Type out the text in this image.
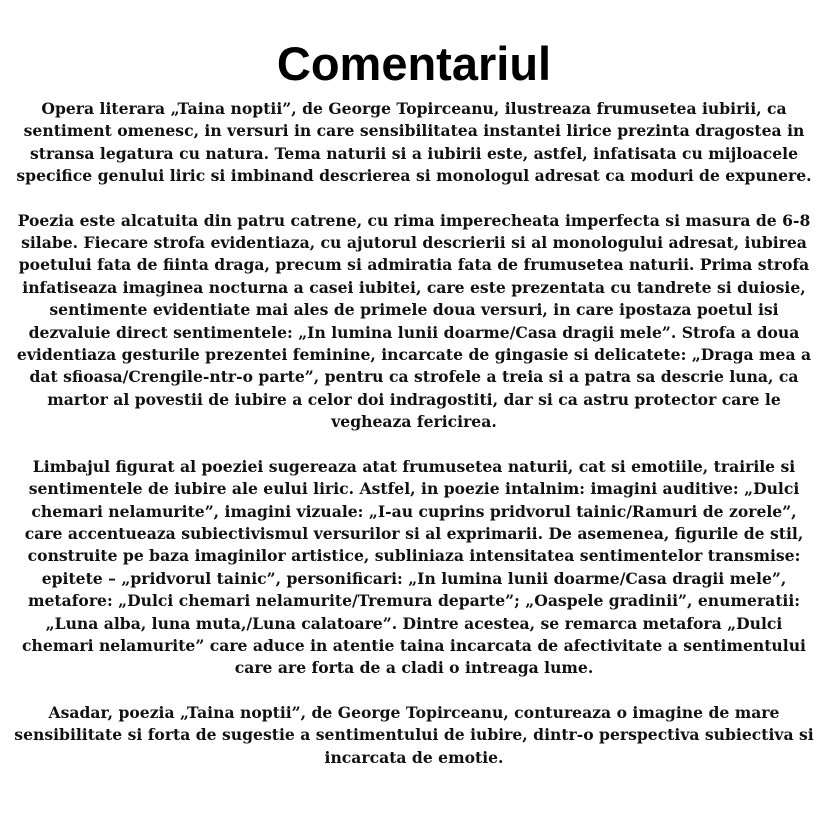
Comentariul

Opera literara „Taina noptii”, de George Topirceanu, ilustreaza frumusetea iubirii, ca sentiment omenesc, in versuri in care sensibilitatea instantei lirice prezinta dragostea in stransa legatura cu natura. Tema naturii si a iubirii este, astfel, infatisata cu mijloacele specifice genului liric si imbinand descrierea si monologul adresat ca moduri de expunere.

Poezia este alcatuita din patru catrene, cu rima imperecheata imperfecta si masura de 6-8 silabe. Fiecare strofa evidentiaza, cu ajutorul descrierii si al monologului adresat, iubirea poetului fata de fiinta draga, precum si admiratia fata de frumusetea naturii. Prima strofa infatiseaza imaginea nocturna a casei iubitei, care este prezentata cu tandrete si duiosie, sentimente evidentiate mai ales de primele doua versuri, in care ipostaza poetul isi dezvaluie direct sentimentele: „In lumina lunii doarme/Casa dragii mele”. Strofa a doua evidentiaza gesturile prezentei feminine, incarcate de gingasie si delicatete: „Draga mea a dat sfioasa/Crengile-ntr-o parte”, pentru ca strofele a treia si a patra sa descrie luna, ca martor al povestii de iubire a celor doi indragostiti, dar si ca astru protector care le vegheaza fericirea.

Limbajul figurat al poeziei sugereaza atat frumusetea naturii, cat si emotiile, trairile si sentimentele de iubire ale eului liric. Astfel, in poezie intalnim: imagini auditive: „Dulci chemari nelamurite”, imagini vizuale: „I-au cuprins pridvorul tainic/Ramuri de zorele”, care accentueaza subiectivismul versurilor si al exprimarii. De asemenea, figurile de stil, construite pe baza imaginilor artistice, subliniaza intensitatea sentimentelor transmise: epitete – „pridvorul tainic”, personificari: „In lumina lunii doarme/Casa dragii mele”, metafore: „Dulci chemari nelamurite/Tremura departe”; „Oaspele gradinii”, enumeratii: „Luna alba, luna muta,/Luna calatoare”. Dintre acestea, se remarca metafora „Dulci chemari nelamurite” care aduce in atentie taina incarcata de afectivitate a sentimentului care are forta de a cladi o intreaga lume.

Asadar, poezia „Taina noptii”, de George Topirceanu, contureaza o imagine de mare sensibilitate si forta de sugestie a sentimentului de iubire, dintr-o perspectiva subiectiva si incarcata de emotie.
